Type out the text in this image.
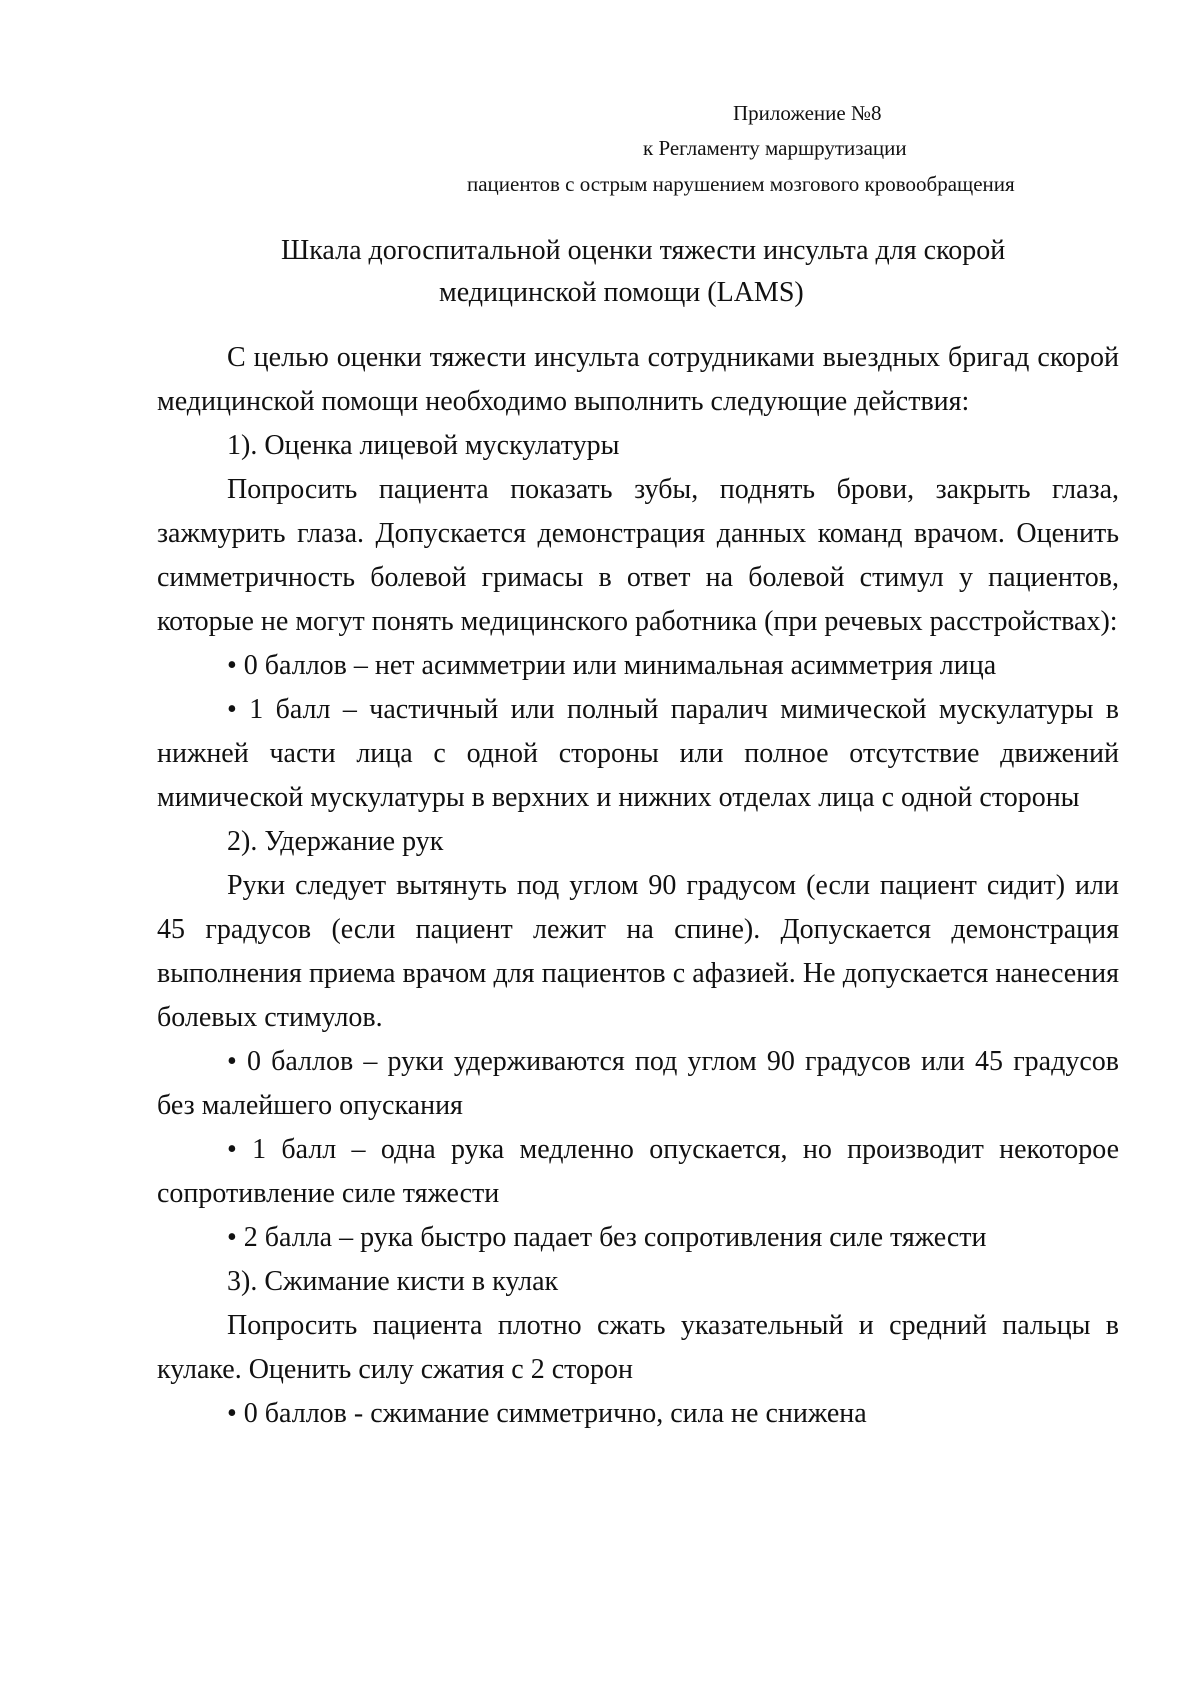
Приложение №8
к Регламенту маршрутизации
пациентов с острым нарушением мозгового кровообращения
Шкала догоспитальной оценки тяжести инсульта для скорой
медицинской помощи (LAMS)

С целью оценки тяжести инсульта сотрудниками выездных бригад скорой медицинской помощи необходимо выполнить следующие действия:

1). Оценка лицевой мускулатуры

Попросить пациента показать зубы, поднять брови, закрыть глаза, зажмурить глаза. Допускается демонстрация данных команд врачом. Оценить симметричность болевой гримасы в ответ на болевой стимул у пациентов, которые не могут понять медицинского работника (при речевых расстройствах):

• 0 баллов – нет асимметрии или минимальная асимметрия лица

• 1 балл – частичный или полный паралич мимической мускулатуры в нижней части лица с одной стороны или полное отсутствие движений мимической мускулатуры в верхних и нижних отделах лица с одной стороны

2). Удержание рук

Руки следует вытянуть под углом 90 градусом (если пациент сидит) или 45 градусов (если пациент лежит на спине). Допускается демонстрация выполнения приема врачом для пациентов с афазией. Не допускается нанесения болевых стимулов.

• 0 баллов – руки удерживаются под углом 90 градусов или 45 градусов без малейшего опускания

• 1 балл – одна рука медленно опускается, но производит некоторое сопротивление силе тяжести

• 2 балла – рука быстро падает без сопротивления силе тяжести

3). Сжимание кисти в кулак

Попросить пациента плотно сжать указательный и средний пальцы в кулаке. Оценить силу сжатия с 2 сторон

• 0 баллов - сжимание симметрично, сила не снижена
